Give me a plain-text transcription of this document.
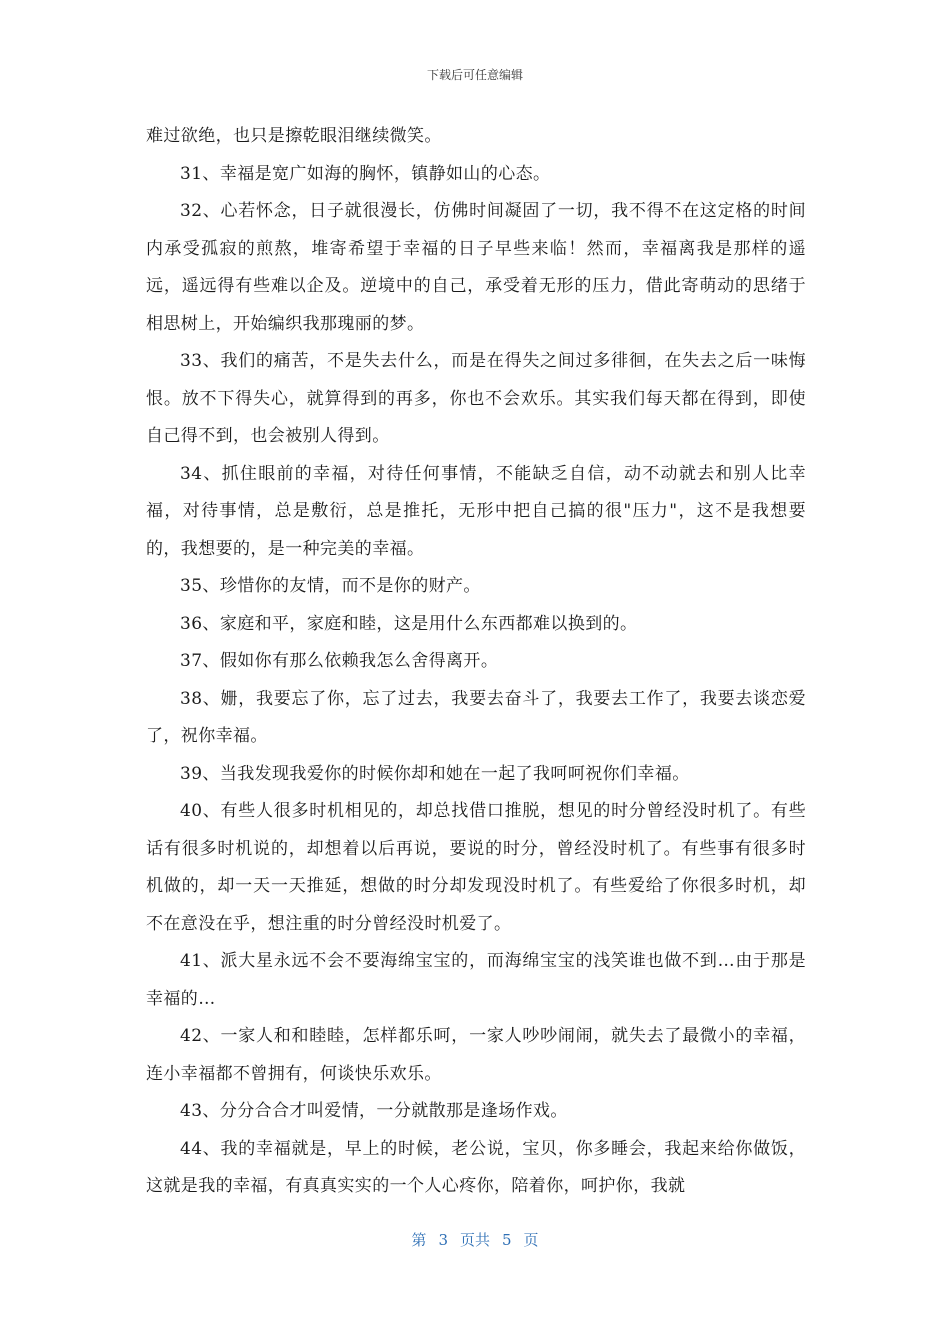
下载后可任意编辑

难过欲绝，也只是擦乾眼泪继续微笑。

31、幸福是宽广如海的胸怀，镇静如山的心态。

32、心若怀念，日子就很漫长，仿佛时间凝固了一切，我不得不在这定格的时间内承受孤寂的煎熬，堆寄希望于幸福的日子早些来临！然而，幸福离我是那样的遥远，遥远得有些难以企及。逆境中的自己，承受着无形的压力，借此寄萌动的思绪于相思树上，开始编织我那瑰丽的梦。

33、我们的痛苦，不是失去什么，而是在得失之间过多徘徊，在失去之后一味悔恨。放不下得失心，就算得到的再多，你也不会欢乐。其实我们每天都在得到，即使自己得不到，也会被别人得到。

34、抓住眼前的幸福，对待任何事情，不能缺乏自信，动不动就去和别人比幸福，对待事情，总是敷衍，总是推托，无形中把自己搞的很"压力"，这不是我想要的，我想要的，是一种完美的幸福。

35、珍惜你的友情，而不是你的财产。

36、家庭和平，家庭和睦，这是用什么东西都难以换到的。

37、假如你有那么依赖我怎么舍得离开。

38、姗，我要忘了你，忘了过去，我要去奋斗了，我要去工作了，我要去谈恋爱了，祝你幸福。

39、当我发现我爱你的时候你却和她在一起了我呵呵祝你们幸福。

40、有些人很多时机相见的，却总找借口推脱，想见的时分曾经没时机了。有些话有很多时机说的，却想着以后再说，要说的时分，曾经没时机了。有些事有很多时机做的，却一天一天推延，想做的时分却发现没时机了。有些爱给了你很多时机，却不在意没在乎，想注重的时分曾经没时机爱了。

41、派大星永远不会不要海绵宝宝的，而海绵宝宝的浅笑谁也做不到…由于那是幸福的…

42、一家人和和睦睦，怎样都乐呵，一家人吵吵闹闹，就失去了最微小的幸福，连小幸福都不曾拥有，何谈快乐欢乐。

43、分分合合才叫爱情，一分就散那是逢场作戏。

44、我的幸福就是，早上的时候，老公说，宝贝，你多睡会，我起来给你做饭，这就是我的幸福，有真真实实的一个人心疼你，陪着你，呵护你，我就

第 3 页共 5 页
